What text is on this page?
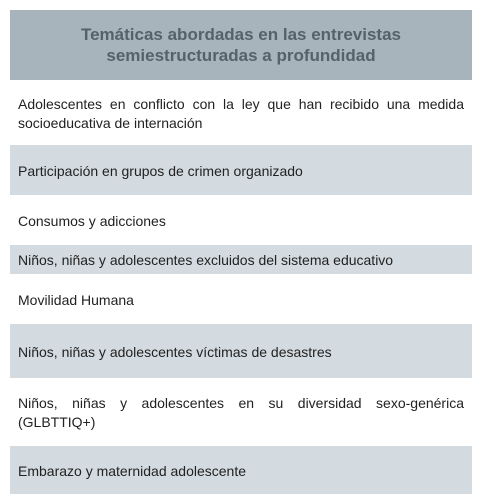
Temáticas abordadas en las entrevistas semiestructuradas a profundidad
Adolescentes en conflicto con la ley que han recibido una medida socioeducativa de internación
Participación en grupos de crimen organizado
Consumos y adicciones
Niños, niñas y adolescentes excluidos del sistema educativo
Movilidad Humana
Niños, niñas y adolescentes víctimas de desastres
Niños, niñas y adolescentes en su diversidad sexo-genérica (GLBTTIQ+)
Embarazo y maternidad adolescente
